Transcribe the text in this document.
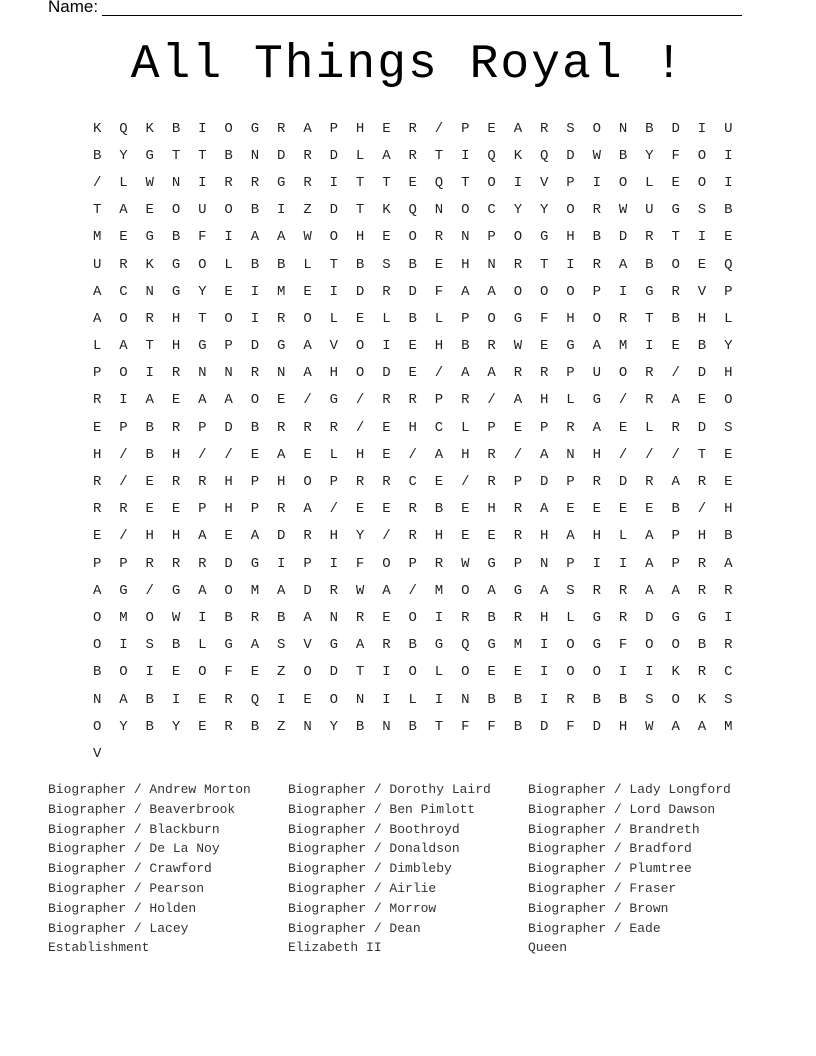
Name:
All Things Royal !
K	Q	K	B	I	O	G	R	A	P	H	E	R	/	P	E	A	R	S	O	N	B	D	I	U
B	Y	G	T	T	B	N	D	R	D	L	A	R	T	I	Q	K	Q	D	W	B	Y	F	O	I
/	L	W	N	I	R	R	G	R	I	T	T	E	Q	T	O	I	V	P	I	O	L	E	O	I
T	A	E	O	U	O	B	I	Z	D	T	K	Q	N	O	C	Y	Y	O	R	W	U	G	S	B
M	E	G	B	F	I	A	A	W	O	H	E	O	R	N	P	O	G	H	B	D	R	T	I	E
U	R	K	G	O	L	B	B	L	T	B	S	B	E	H	N	R	T	I	R	A	B	O	E	Q
A	C	N	G	Y	E	I	M	E	I	D	R	D	F	A	A	O	O	O	P	I	G	R	V	P
A	O	R	H	T	O	I	R	O	L	E	L	B	L	P	O	G	F	H	O	R	T	B	H	L
L	A	T	H	G	P	D	G	A	V	O	I	E	H	B	R	W	E	G	A	M	I	E	B	Y
P	O	I	R	N	N	R	N	A	H	O	D	E	/	A	A	R	R	P	U	O	R	/	D	H
R	I	A	E	A	A	O	E	/	G	/	R	R	P	R	/	A	H	L	G	/	R	A	E	O
E	P	B	R	P	D	B	R	R	R	/	E	H	C	L	P	E	P	R	A	E	L	R	D	S
H	/	B	H	/	/	E	A	E	L	H	E	/	A	H	R	/	A	N	H	/	/	/	T	E
R	/	E	R	R	H	P	H	O	P	R	R	C	E	/	R	P	D	P	R	D	R	A	R	E
R	R	E	E	P	H	P	R	A	/	E	E	R	B	E	H	R	A	E	E	E	E	B	/	H
E	/	H	H	A	E	A	D	R	H	Y	/	R	H	E	E	R	H	A	H	L	A	P	H	B
P	P	R	R	R	D	G	I	P	I	F	O	P	R	W	G	P	N	P	I	I	A	P	R	A
A	G	/	G	A	O	M	A	D	R	W	A	/	M	O	A	G	A	S	R	R	A	A	R	R
O	M	O	W	I	B	R	B	A	N	R	E	O	I	R	B	R	H	L	G	R	D	G	G	I
O	I	S	B	L	G	A	S	V	G	A	R	B	G	Q	G	M	I	O	G	F	O	O	B	R
B	O	I	E	O	F	E	Z	O	D	T	I	O	L	O	E	E	I	O	O	I	I	K	R	C
N	A	B	I	E	R	Q	I	E	O	N	I	L	I	N	B	B	I	R	B	B	S	O	K	S
O	Y	B	Y	E	R	B	Z	N	Y	B	N	B	T	F	F	B	D	F	D	H	W	A	A	M
V
Biographer / Andrew Morton	Biographer / Dorothy Laird	Biographer / Lady Longford
Biographer / Beaverbrook	Biographer / Ben Pimlott	Biographer / Lord Dawson
Biographer / Blackburn	Biographer / Boothroyd	Biographer / Brandreth
Biographer / De La Noy	Biographer / Donaldson	Biographer / Bradford
Biographer / Crawford	Biographer / Dimbleby	Biographer / Plumtree
Biographer / Pearson	Biographer / Airlie	Biographer / Fraser
Biographer / Holden	Biographer / Morrow	Biographer / Brown
Biographer / Lacey	Biographer / Dean	Biographer / Eade
Establishment	Elizabeth II	Queen
